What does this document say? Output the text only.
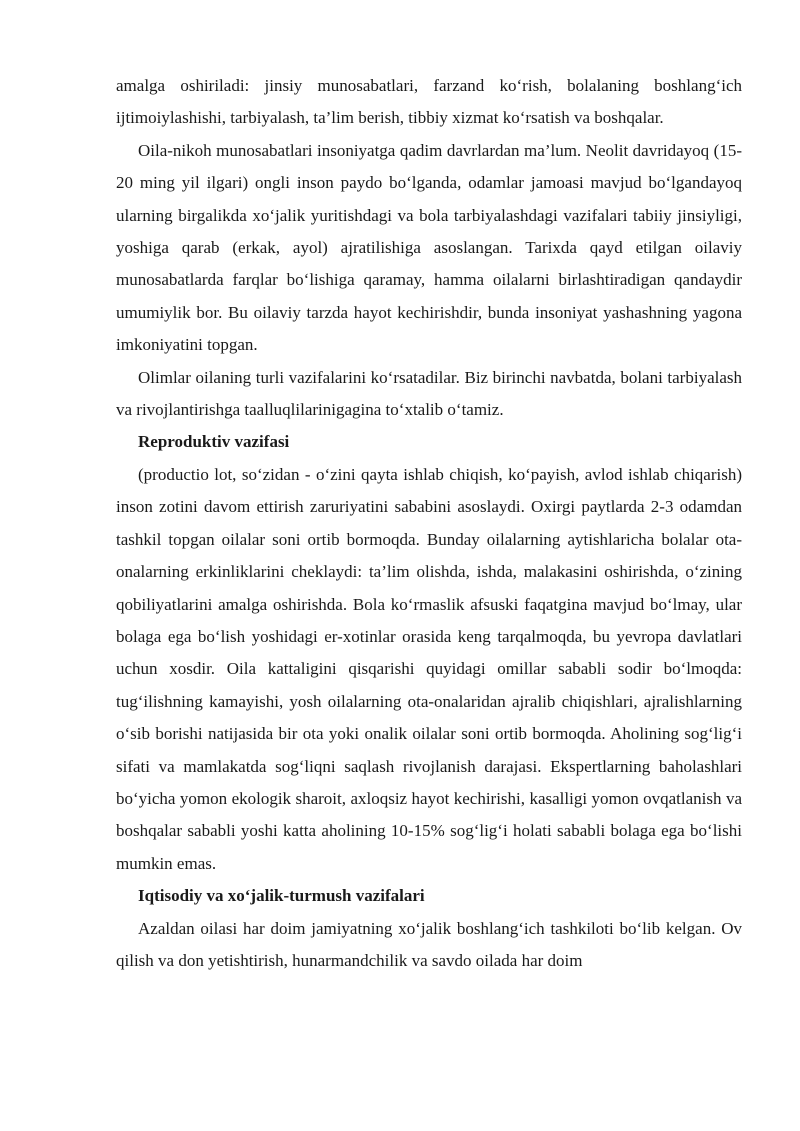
amalga oshiriladi: jinsiy munosabatlari, farzand ko‘rish, bolalaning boshlang‘ich ijtimoiylashishi, tarbiyalash, ta’lim berish, tibbiy xizmat ko‘rsatish va boshqalar.

Oila-nikoh munosabatlari insoniyatga qadim davrlardan ma’lum. Neolit davridayoq (15-20 ming yil ilgari) ongli inson paydo bo‘lganda, odamlar jamoasi mavjud bo‘lgandayoq ularning birgalikda xo‘jalik yuritishdagi va bola tarbiyalashdagi vazifalari tabiiy jinsiyligi, yoshiga qarab (erkak, ayol) ajratilishiga asoslangan. Tarixda qayd etilgan oilaviy munosabatlarda farqlar bo‘lishiga qaramay, hamma oilalarni birlashtiradigan qandaydir umumiylik bor. Bu oilaviy tarzda hayot kechirishdir, bunda insoniyat yashashning yagona imkoniyatini topgan.

Olimlar oilaning turli vazifalarini ko‘rsatadilar. Biz birinchi navbatda, bolani tarbiyalash va rivojlantirishga taalluqlilarinigagina to‘xtalib o‘tamiz.

Reproduktiv vazifasi

(productio lot, so‘zidan - o‘zini qayta ishlab chiqish, ko‘payish, avlod ishlab chiqarish) inson zotini davom ettirish zaruriyatini sababini asoslaydi. Oxirgi paytlarda 2-3 odamdan tashkil topgan oilalar soni ortib bormoqda. Bunday oilalarning aytishlaricha bolalar ota-onalarning erkinliklarini cheklaydi: ta’lim olishda, ishda, malakasini oshirishda, o‘zining qobiliyatlarini amalga oshirishda. Bola ko‘rmaslik afsuski faqatgina mavjud bo‘lmay, ular bolaga ega bo‘lish yoshidagi er-xotinlar orasida keng tarqalmoqda, bu yevropa davlatlari uchun xosdir. Oila kattaligini qisqarishi quyidagi omillar sababli sodir bo‘lmoqda: tug‘ilishning kamayishi, yosh oilalarning ota-onalaridan ajralib chiqishlari, ajralishlarning o‘sib borishi natijasida bir ota yoki onalik oilalar soni ortib bormoqda. Aholining sog‘lig‘i sifati va mamlakatda sog‘liqni saqlash rivojlanish darajasi. Ekspertlarning baholashlari bo‘yicha yomon ekologik sharoit, axloqsiz hayot kechirishi, kasalligi yomon ovqatlanish va boshqalar sababli yoshi katta aholining 10-15% sog‘lig‘i holati sababli bolaga ega bo‘lishi mumkin emas.

Iqtisodiy va xo‘jalik-turmush vazifalari

Azaldan oilasi har doim jamiyatning xo‘jalik boshlang‘ich tashkiloti bo‘lib kelgan. Ov qilish va don yetishtirish, hunarmandchilik va savdo oilada har doim
